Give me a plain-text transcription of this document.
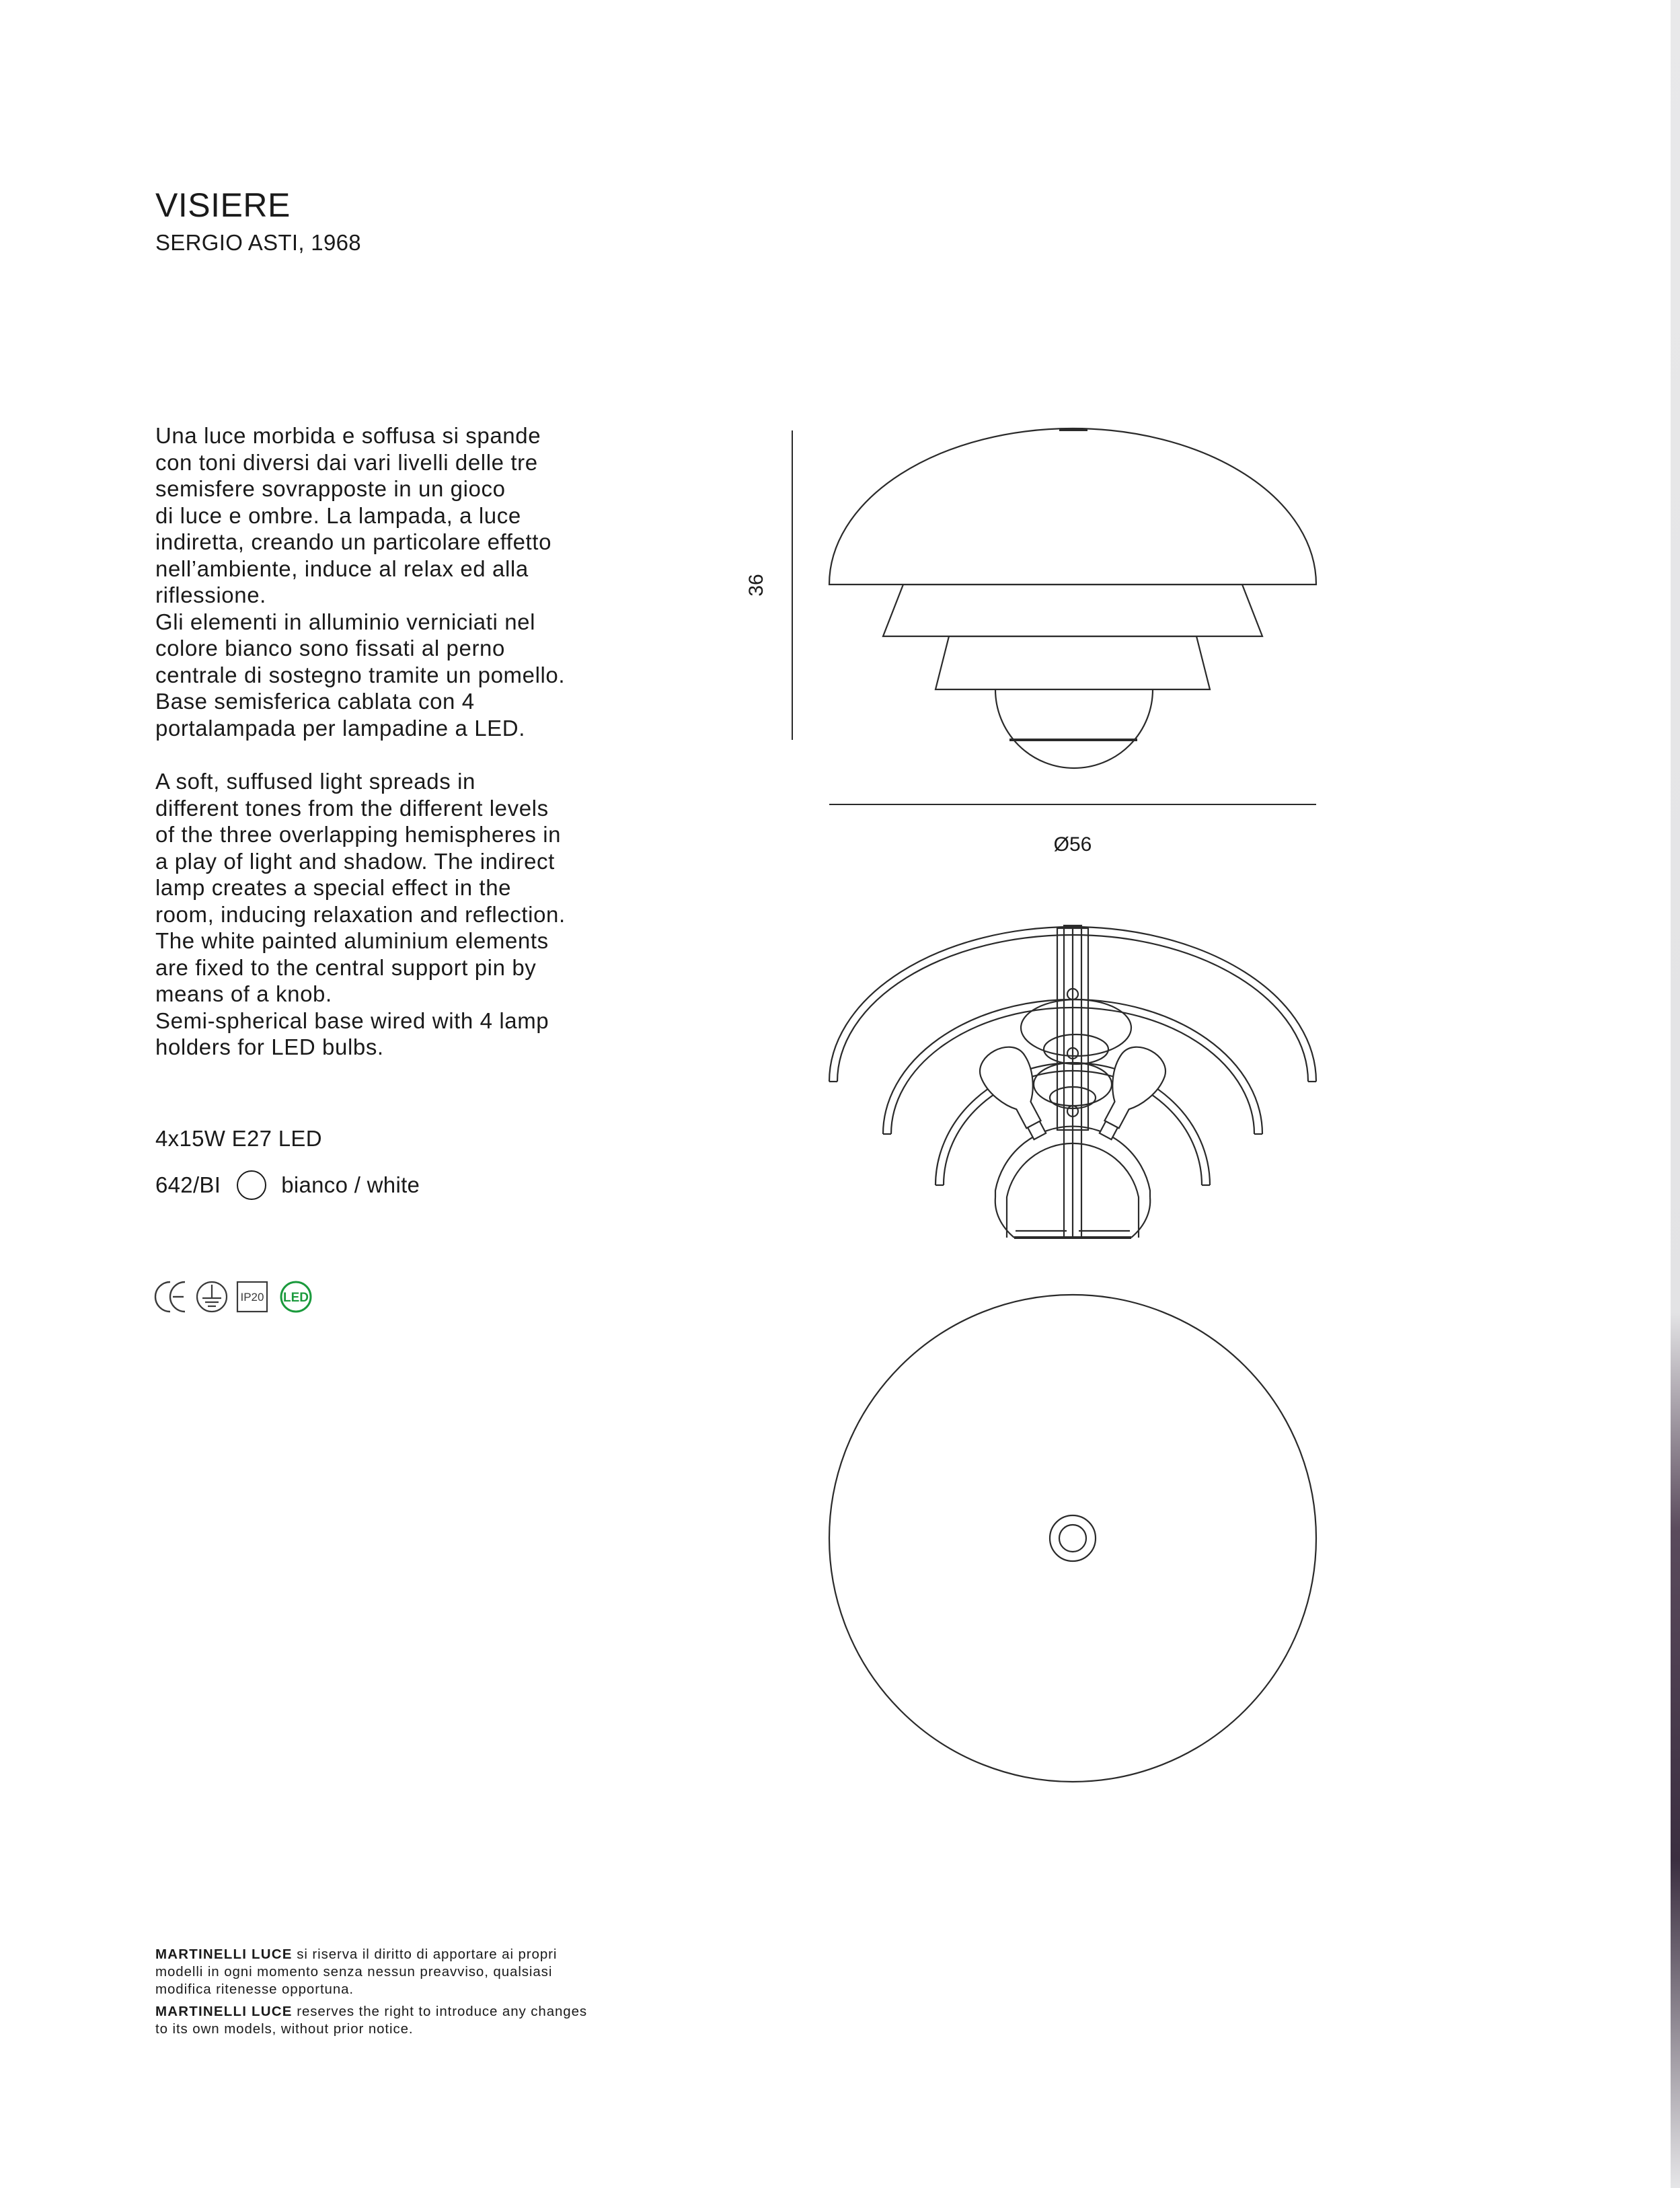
VISIERE

SERGIO ASTI, 1968

Una luce morbida e soffusa si spande
con toni diversi dai vari livelli delle tre
semisfere sovrapposte in un gioco
di luce e ombre. La lampada, a luce
indiretta, creando un particolare effetto
nell’ambiente, induce al relax ed alla
riflessione.
Gli elementi in alluminio verniciati nel
colore bianco sono fissati al perno
centrale di sostegno tramite un pomello.
Base semisferica cablata con 4
portalampada per lampadine a LED.

A soft, suffused light spreads in
different tones from the different levels
of the three overlapping hemispheres in
a play of light and shadow. The indirect
lamp creates a special effect in the
room, inducing relaxation and reflection.
The white painted aluminium elements
are fixed to the central support pin by
means of a knob.
Semi-spherical base wired with 4 lamp
holders for LED bulbs.

4x15W E27 LED

642/BI	bianco / white
IP20 LED
36
Ø56

MARTINELLI LUCE si riserva il diritto di apportare ai propri modelli in ogni momento senza nessun preavviso, qualsiasi modifica ritenesse opportuna.

MARTINELLI LUCE reserves the right to introduce any changes to its own models, without prior notice.
